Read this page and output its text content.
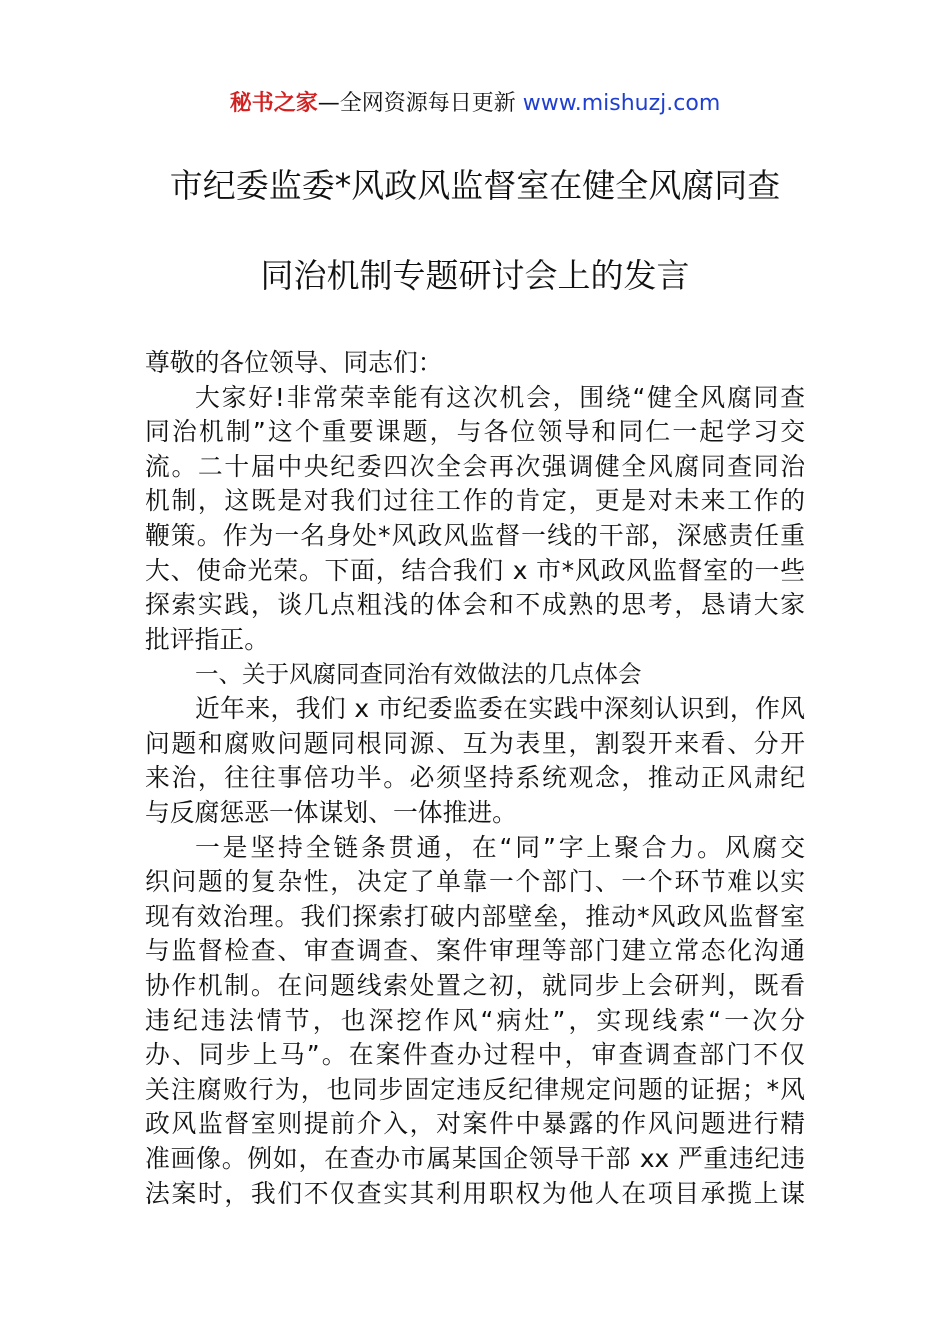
秘书之家—全网资源每日更新 www.mishuzj.com
市纪委监委*风政风监督室在健全风腐同查
同治机制专题研讨会上的发言
尊敬的各位领导、同志们：
大家好!非常荣幸能有这次机会，围绕“健全风腐同查
同治机制”这个重要课题，与各位领导和同仁一起学习交
流。二十届中央纪委四次全会再次强调健全风腐同查同治
机制，这既是对我们过往工作的肯定，更是对未来工作的
鞭策。作为一名身处*风政风监督一线的干部，深感责任重
大、使命光荣。下面，结合我们 x 市*风政风监督室的一些
探索实践，谈几点粗浅的体会和不成熟的思考，恳请大家
批评指正。
一、关于风腐同查同治有效做法的几点体会
近年来，我们 x 市纪委监委在实践中深刻认识到，作风
问题和腐败问题同根同源、互为表里，割裂开来看、分开
来治，往往事倍功半。必须坚持系统观念，推动正风肃纪
与反腐惩恶一体谋划、一体推进。
一是坚持全链条贯通，在“同”字上聚合力。风腐交
织问题的复杂性，决定了单靠一个部门、一个环节难以实
现有效治理。我们探索打破内部壁垒，推动*风政风监督室
与监督检查、审查调查、案件审理等部门建立常态化沟通
协作机制。在问题线索处置之初，就同步上会研判，既看
违纪违法情节，也深挖作风“病灶”，实现线索“一次分
办、同步上马”。在案件查办过程中，审查调查部门不仅
关注腐败行为，也同步固定违反纪律规定问题的证据；*风
政风监督室则提前介入，对案件中暴露的作风问题进行精
准画像。例如，在查办市属某国企领导干部 xx 严重违纪违
法案时，我们不仅查实其利用职权为他人在项目承揽上谋
